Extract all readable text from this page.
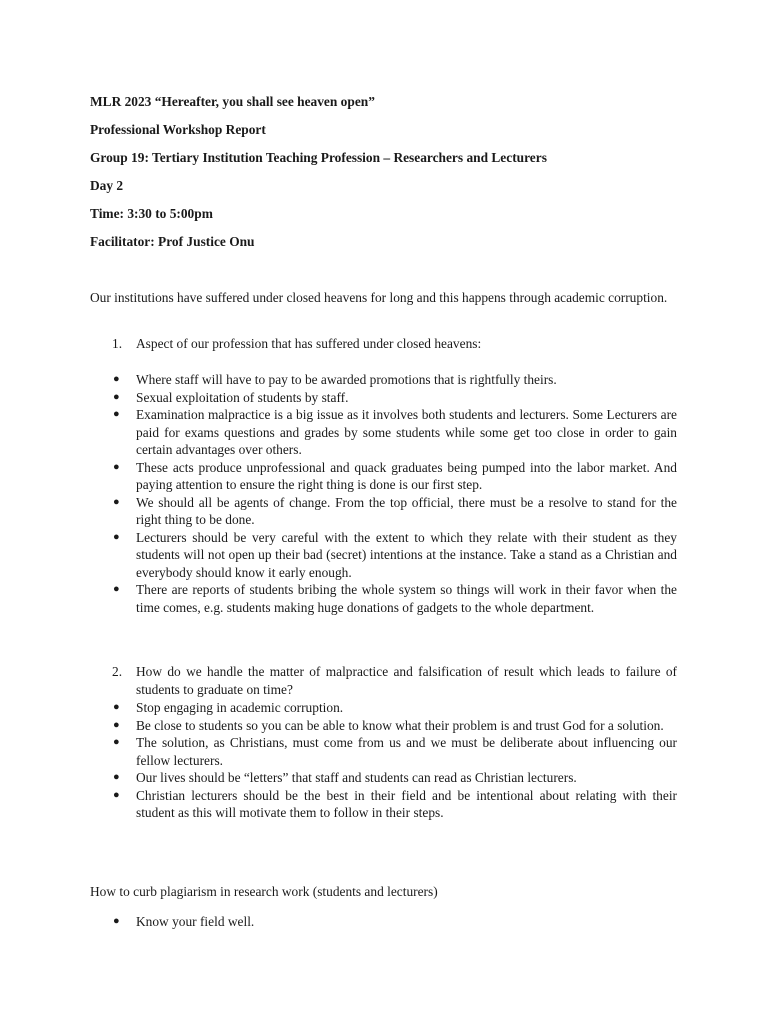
MLR 2023 “Hereafter, you shall see heaven open”
Professional Workshop Report
Group 19: Tertiary Institution Teaching Profession – Researchers and Lecturers
Day 2
Time: 3:30 to 5:00pm
Facilitator: Prof Justice Onu

Our institutions have suffered under closed heavens for long and this happens through academic corruption.

1. Aspect of our profession that has suffered under closed heavens:
● Where staff will have to pay to be awarded promotions that is rightfully theirs.
● Sexual exploitation of students by staff.
● Examination malpractice is a big issue as it involves both students and lecturers. Some Lecturers are paid for exams questions and grades by some students while some get too close in order to gain certain advantages over others.
● These acts produce unprofessional and quack graduates being pumped into the labor market. And paying attention to ensure the right thing is done is our first step.
● We should all be agents of change. From the top official, there must be a resolve to stand for the right thing to be done.
● Lecturers should be very careful with the extent to which they relate with their student as they students will not open up their bad (secret) intentions at the instance. Take a stand as a Christian and everybody should know it early enough.
● There are reports of students bribing the whole system so things will work in their favor when the time comes, e.g. students making huge donations of gadgets to the whole department.
2. How do we handle the matter of malpractice and falsification of result which leads to failure of students to graduate on time?
● Stop engaging in academic corruption.
● Be close to students so you can be able to know what their problem is and trust God for a solution.
● The solution, as Christians, must come from us and we must be deliberate about influencing our fellow lecturers.
● Our lives should be “letters” that staff and students can read as Christian lecturers.
● Christian lecturers should be the best in their field and be intentional about relating with their student as this will motivate them to follow in their steps.

How to curb plagiarism in research work (students and lecturers)

● Know your field well.
